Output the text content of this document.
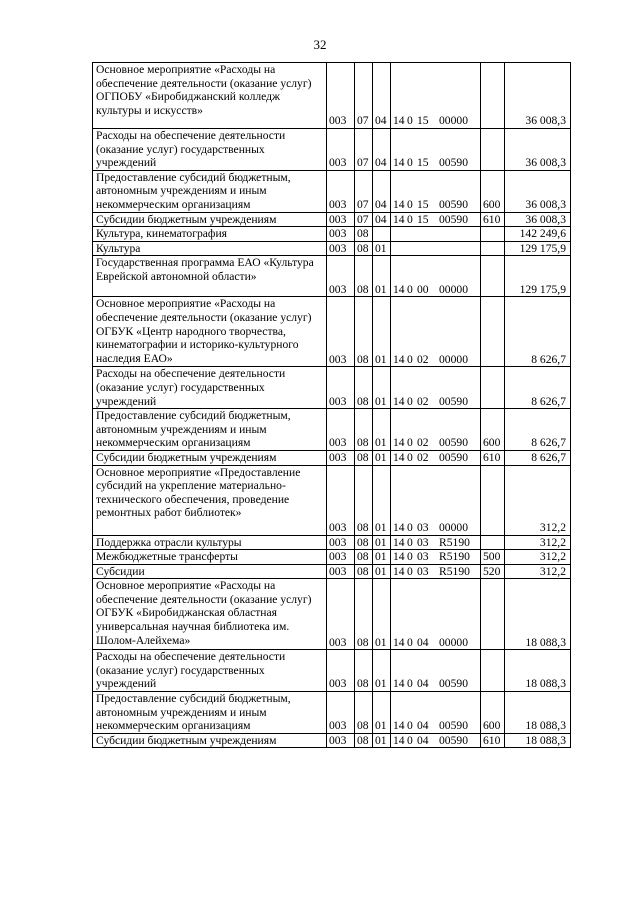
32
Основное мероприятие «Расходы на обеспечение деятельности (оказание услуг) ОГПОБУ «Биробиджанский колледж культуры и искусств»	003	07	04	14 0 15 00000		36 008,3
Расходы на обеспечение деятельности (оказание услуг) государственных учреждений	003	07	04	14 0 15 00590		36 008,3
Предоставление субсидий бюджетным, автономным учреждениям и иным некоммерческим организациям	003	07	04	14 0 15 00590	600	36 008,3
Субсидии бюджетным учреждениям	003	07	04	14 0 15 00590	610	36 008,3
Культура, кинематография	003	08				142 249,6
Культура	003	08	01			129 175,9
Государственная программа ЕАО «Культура Еврейской автономной области»	003	08	01	14 0 00 00000		129 175,9
Основное мероприятие «Расходы на обеспечение деятельности (оказание услуг) ОГБУК «Центр народного творчества, кинематографии и историко-культурного наследия ЕАО»	003	08	01	14 0 02 00000		8 626,7
Расходы на обеспечение деятельности (оказание услуг) государственных учреждений	003	08	01	14 0 02 00590		8 626,7
Предоставление субсидий бюджетным, автономным учреждениям и иным некоммерческим организациям	003	08	01	14 0 02 00590	600	8 626,7
Субсидии бюджетным учреждениям	003	08	01	14 0 02 00590	610	8 626,7
Основное мероприятие «Предоставление субсидий на укрепление материально-технического обеспечения, проведение ремонтных работ библиотек»	003	08	01	14 0 03 00000		312,2
Поддержка отрасли культуры	003	08	01	14 0 03 R5190		312,2
Межбюджетные трансферты	003	08	01	14 0 03 R5190	500	312,2
Субсидии	003	08	01	14 0 03 R5190	520	312,2
Основное мероприятие «Расходы на обеспечение деятельности (оказание услуг) ОГБУК «Биробиджанская областная универсальная научная библиотека им. Шолом-Алейхема»	003	08	01	14 0 04 00000		18 088,3
Расходы на обеспечение деятельности (оказание услуг) государственных учреждений	003	08	01	14 0 04 00590		18 088,3
Предоставление субсидий бюджетным, автономным учреждениям и иным некоммерческим организациям	003	08	01	14 0 04 00590	600	18 088,3
Субсидии бюджетным учреждениям	003	08	01	14 0 04 00590	610	18 088,3
